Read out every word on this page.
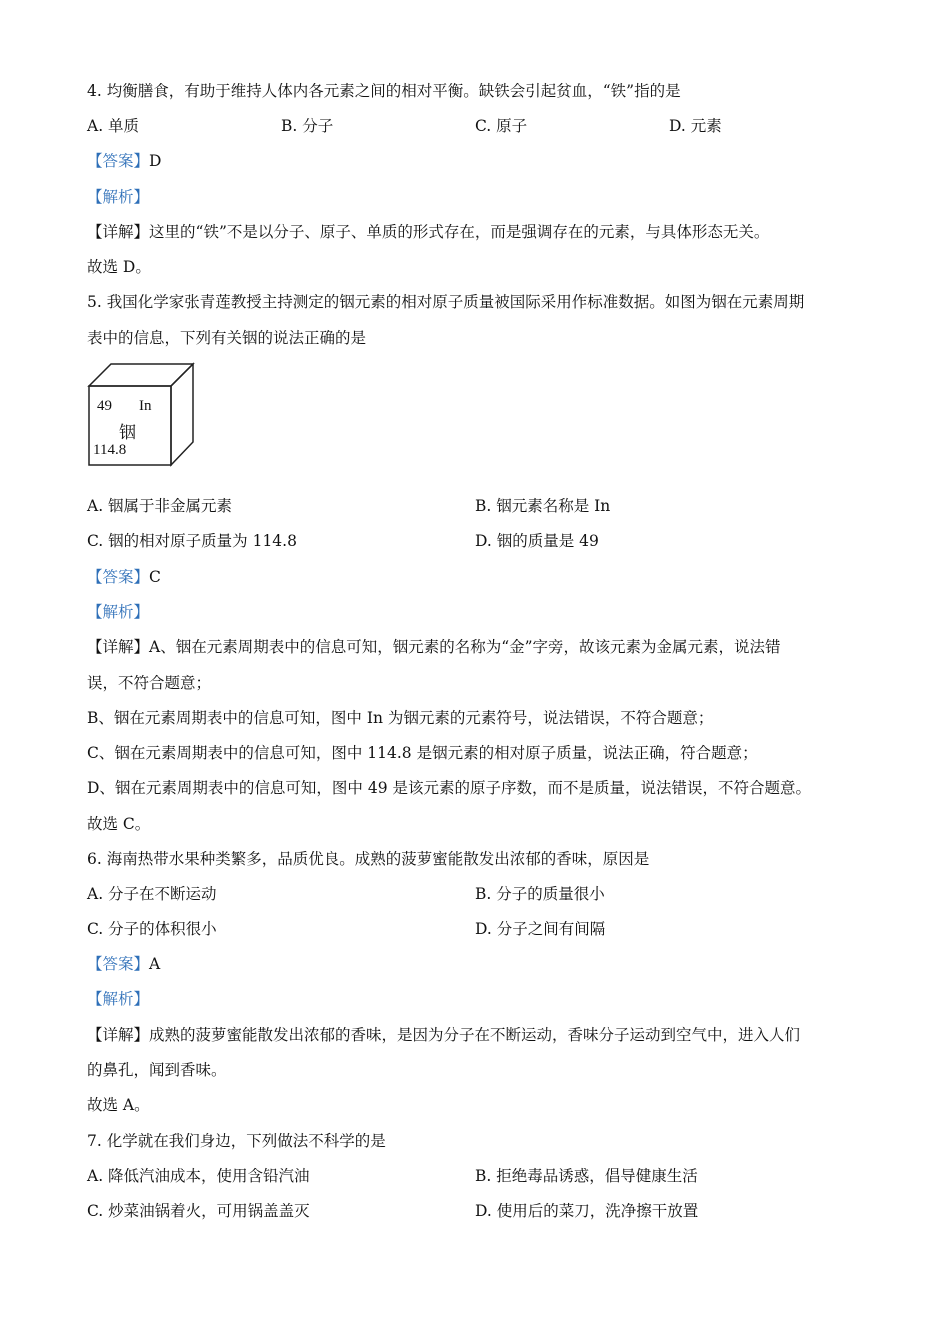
4. 均衡膳食，有助于维持人体内各元素之间的相对平衡。缺铁会引起贫血，“铁”指的是
A. 单质	B. 分子	C. 原子	D. 元素
【答案】D
【解析】
【详解】这里的“铁”不是以分子、原子、单质的形式存在，而是强调存在的元素，与具体形态无关。
故选 D。
5. 我国化学家张青莲教授主持测定的铟元素的相对原子质量被国际采用作标准数据。如图为铟在元素周期
表中的信息，下列有关铟的说法正确的是
49 In
铟
114.8
A. 铟属于非金属元素	B. 铟元素名称是 In
C. 铟的相对原子质量为 114.8	D. 铟的质量是 49
【答案】C
【解析】
【详解】A、铟在元素周期表中的信息可知，铟元素的名称为“金”字旁，故该元素为金属元素，说法错
误，不符合题意；
B、铟在元素周期表中的信息可知，图中 In 为铟元素的元素符号，说法错误，不符合题意；
C、铟在元素周期表中的信息可知，图中 114.8 是铟元素的相对原子质量，说法正确，符合题意；
D、铟在元素周期表中的信息可知，图中 49 是该元素的原子序数，而不是质量，说法错误，不符合题意。
故选 C。
6. 海南热带水果种类繁多，品质优良。成熟的菠萝蜜能散发出浓郁的香味，原因是
A. 分子在不断运动	B. 分子的质量很小
C. 分子的体积很小	D. 分子之间有间隔
【答案】A
【解析】
【详解】成熟的菠萝蜜能散发出浓郁的香味，是因为分子在不断运动，香味分子运动到空气中，进入人们
的鼻孔，闻到香味。
故选 A。
7. 化学就在我们身边，下列做法不科学的是
A. 降低汽油成本，使用含铅汽油	B. 拒绝毒品诱惑，倡导健康生活
C. 炒菜油锅着火，可用锅盖盖灭	D. 使用后的菜刀，洗净擦干放置
